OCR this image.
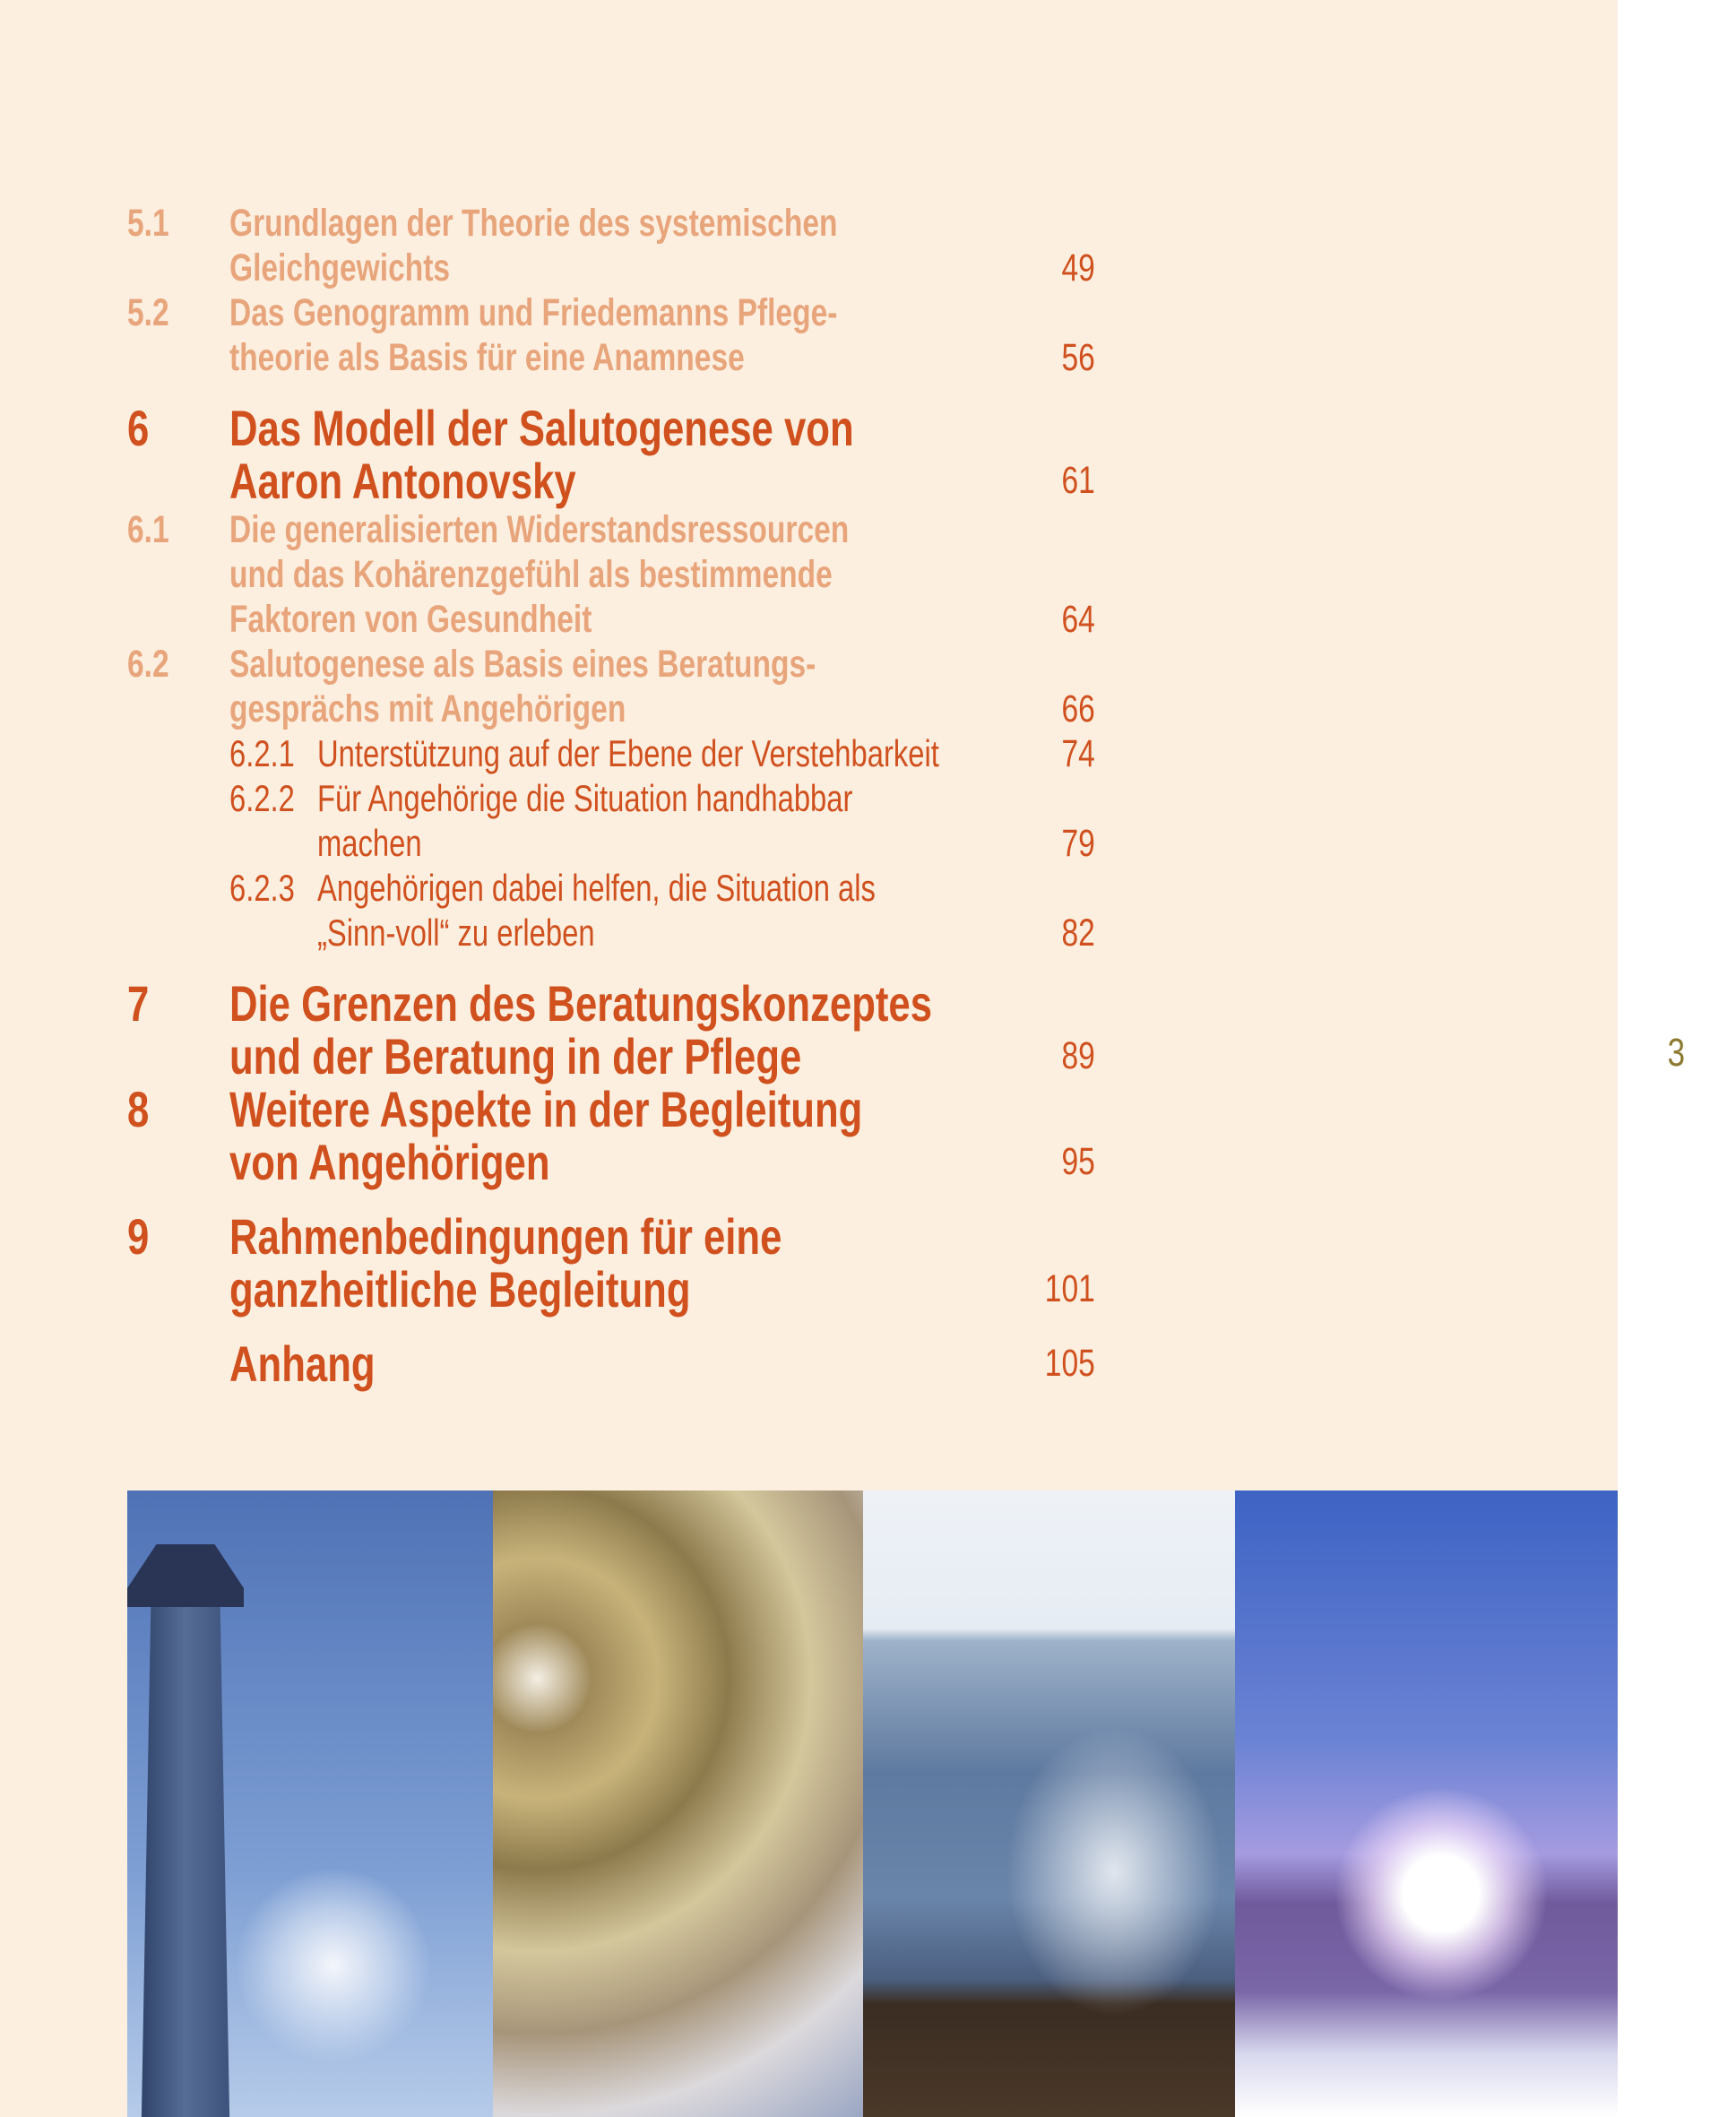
5.1	Grundlagen der Theorie des systemischen
Gleichgewichts	49
5.2	Das Genogramm und Friedemanns Pflege-
theorie als Basis für eine Anamnese	56
6	Das Modell der Salutogenese von
Aaron Antonovsky	61
6.1	Die generalisierten Widerstandsressourcen
und das Kohärenzgefühl als bestimmende
Faktoren von Gesundheit	64
6.2	Salutogenese als Basis eines Beratungs-
gesprächs mit Angehörigen	66
6.2.1 Unterstützung auf der Ebene der Verstehbarkeit	74
6.2.2 Für Angehörige die Situation handhabbar
machen	79
6.2.3 Angehörigen dabei helfen, die Situation als
„Sinn-voll“ zu erleben	82
7	Die Grenzen des Beratungskonzeptes
und der Beratung in der Pflege	89
8	Weitere Aspekte in der Begleitung
von Angehörigen	95
9	Rahmenbedingungen für eine
ganzheitliche Begleitung	101
Anhang	105
3
